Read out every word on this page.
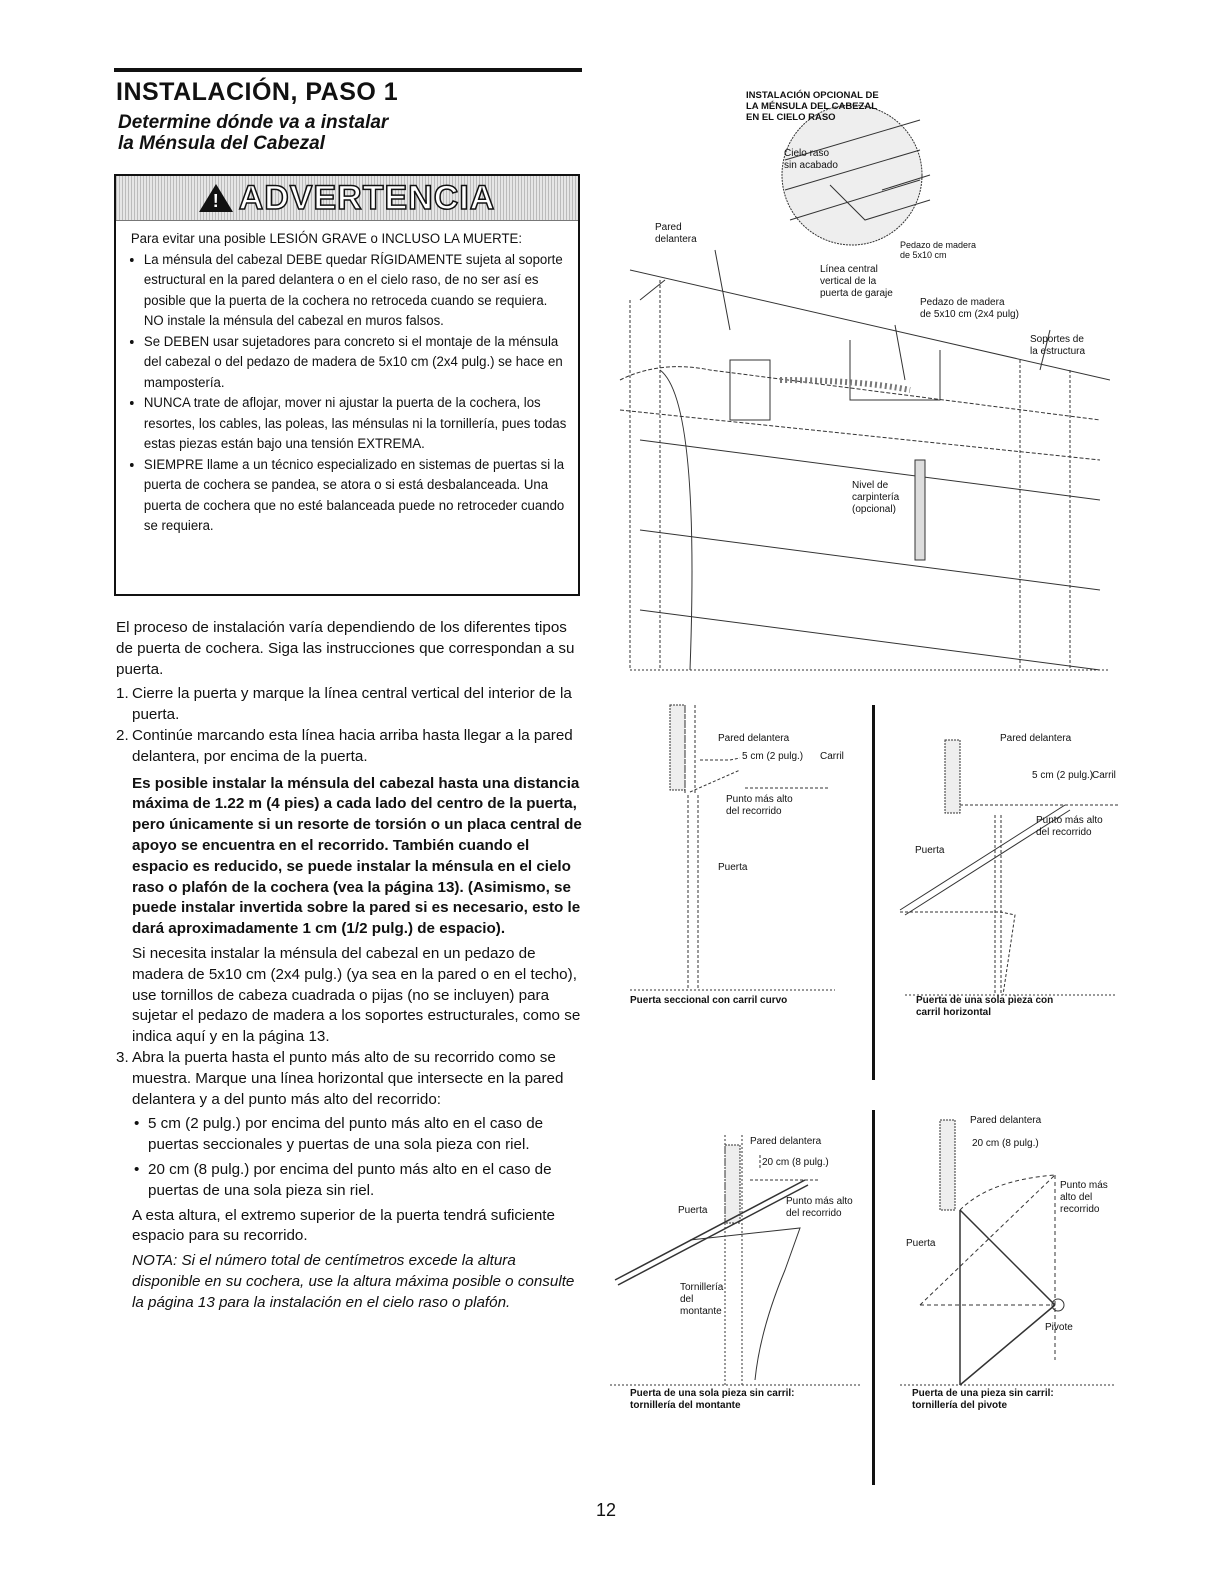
INSTALACIÓN, PASO 1
Determine dónde va a instalar
la Ménsula del Cabezal
!
ADVERTENCIA
Para evitar una posible LESIÓN GRAVE o INCLUSO LA MUERTE:
• La ménsula del cabezal DEBE quedar RÍGIDAMENTE sujeta al soporte estructural en la pared delantera o en el cielo raso, de no ser así es posible que la puerta de la cochera no retroceda cuando se requiera. NO instale la ménsula del cabezal en muros falsos.
• Se DEBEN usar sujetadores para concreto si el montaje de la ménsula del cabezal o del pedazo de madera de 5x10 cm (2x4 pulg.) se hace en mampostería.
• NUNCA trate de aflojar, mover ni ajustar la puerta de la cochera, los resortes, los cables, las poleas, las ménsulas ni la tornillería, pues todas estas piezas están bajo una tensión EXTREMA.
• SIEMPRE llame a un técnico especializado en sistemas de puertas si la puerta de cochera se pandea, se atora o si está desbalanceada. Una puerta de cochera que no esté balanceada puede no retroceder cuando se requiera.

El proceso de instalación varía dependiendo de los diferentes tipos de puerta de cochera. Siga las instrucciones que correspondan a su puerta.

1. Cierre la puerta y marque la línea central vertical del interior de la puerta.
2. Continúe marcando esta línea hacia arriba hasta llegar a la pared delantera, por encima de la puerta.

Es posible instalar la ménsula del cabezal hasta una distancia máxima de 1.22 m (4 pies) a cada lado del centro de la puerta, pero únicamente si un resorte de torsión o un placa central de apoyo se encuentra en el recorrido. También cuando el espacio es reducido, se puede instalar la ménsula en el cielo raso o plafón de la cochera (vea la página 13). (Asimismo, se puede instalar invertida sobre la pared si es necesario, esto le dará aproximadamente 1 cm (1/2 pulg.) de espacio).

Si necesita instalar la ménsula del cabezal en un pedazo de madera de 5x10 cm (2x4 pulg.) (ya sea en la pared o en el techo), use tornillos de cabeza cuadrada o pijas (no se incluyen) para sujetar el pedazo de madera a los soportes estructurales, como se indica aquí y en la página 13.

3. Abra la puerta hasta el punto más alto de su recorrido como se muestra. Marque una línea horizontal que intersecte en la pared delantera y a del punto más alto del recorrido:
• 5 cm (2 pulg.) por encima del punto más alto en el caso de puertas seccionales y puertas de una sola pieza con riel.
• 20 cm (8 pulg.) por encima del punto más alto en el caso de puertas de una sola pieza sin riel.

A esta altura, el extremo superior de la puerta tendrá suficiente espacio para su recorrido.

NOTA: Si el número total de centímetros excede la altura disponible en su cochera, use la altura máxima posible o consulte la página 13 para la instalación en el cielo raso o plafón.

INSTALACIÓN OPCIONAL DE
LA MÉNSULA DEL CABEZAL
EN EL CIELO RASO
Cielo raso
sin acabado
Pedazo de madera
de 5x10 cm
Pared
delantera
Línea central
vertical de la
puerta de garaje
Pedazo de madera
de 5x10 cm (2x4 pulg)
Soportes de
la estructura
Nivel de
carpintería
(opcional)
Pared delantera
5 cm (2 pulg.) Carril
Punto más alto
del recorrido
Puerta
Puerta seccional con carril curvo
Pared delantera
5 cm (2 pulg.)
Carril
Punto más alto
del recorrido
Puerta
Puerta de una sola pieza con
carril horizontal
Pared delantera
20 cm (8 pulg.)
Punto más alto
del recorrido
Puerta
Tornillería
del
montante
Puerta de una sola pieza sin carril:
tornillería del montante
Pared delantera
20 cm (8 pulg.)
Punto más
alto del
recorrido
Puerta
Pivote
Puerta de una pieza sin carril:
tornillería del pivote
12
